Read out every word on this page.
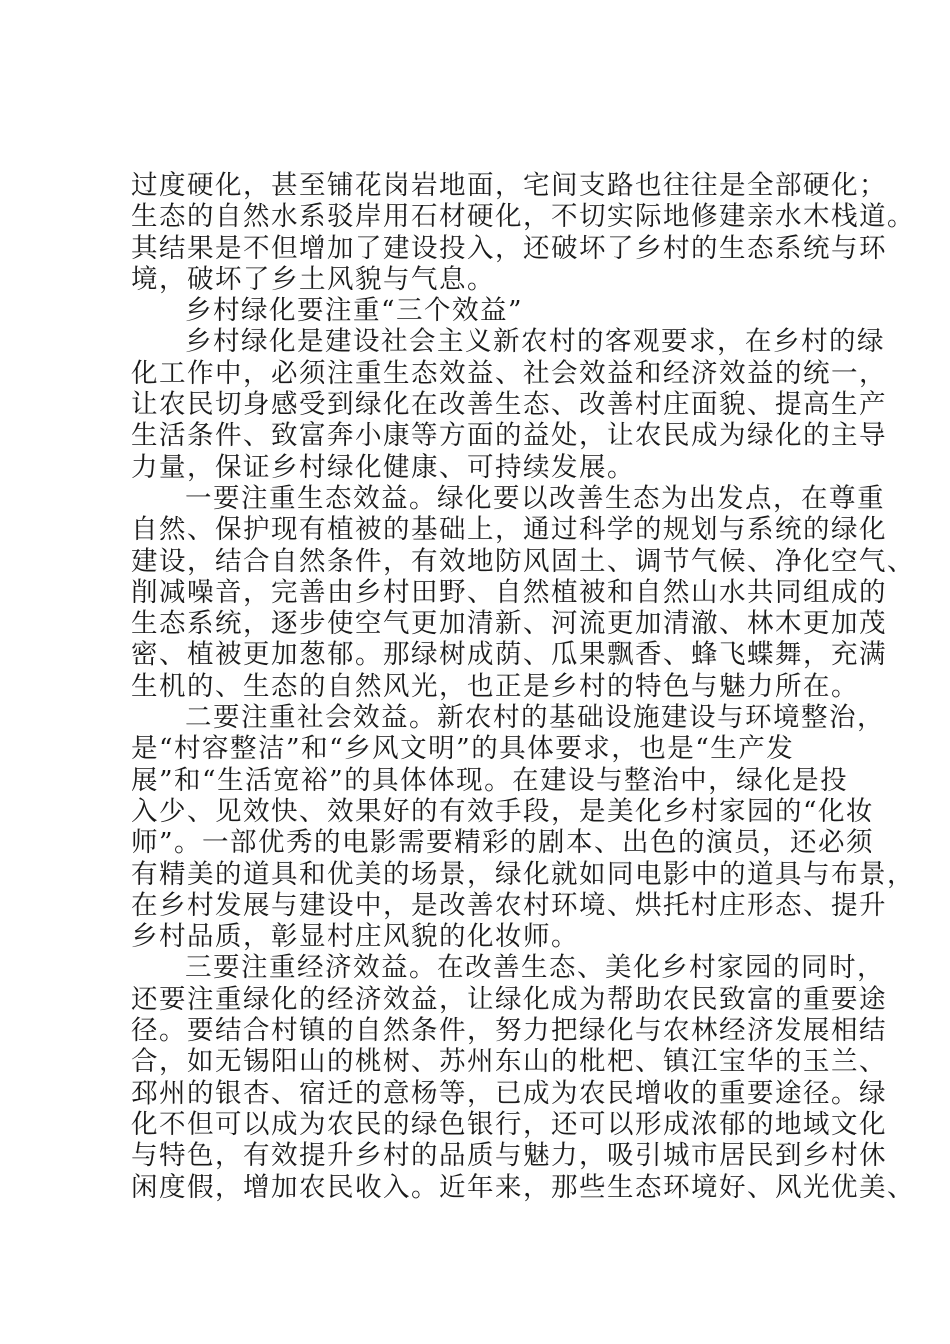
过度硬化，甚至铺花岗岩地面，宅间支路也往往是全部硬化；
生态的自然水系驳岸用石材硬化，不切实际地修建亲水木栈道。
其结果是不但增加了建设投入，还破坏了乡村的生态系统与环
境，破坏了乡土风貌与气息。
乡村绿化要注重“三个效益”
乡村绿化是建设社会主义新农村的客观要求，在乡村的绿
化工作中，必须注重生态效益、社会效益和经济效益的统一，
让农民切身感受到绿化在改善生态、改善村庄面貌、提高生产
生活条件、致富奔小康等方面的益处，让农民成为绿化的主导
力量，保证乡村绿化健康、可持续发展。
一要注重生态效益。绿化要以改善生态为出发点，在尊重
自然、保护现有植被的基础上，通过科学的规划与系统的绿化
建设，结合自然条件，有效地防风固土、调节气候、净化空气、
削减噪音，完善由乡村田野、自然植被和自然山水共同组成的
生态系统，逐步使空气更加清新、河流更加清澈、林木更加茂
密、植被更加葱郁。那绿树成荫、瓜果飘香、蜂飞蝶舞，充满
生机的、生态的自然风光，也正是乡村的特色与魅力所在。
二要注重社会效益。新农村的基础设施建设与环境整治，
是“村容整洁”和“乡风文明”的具体要求，也是“生产发
展”和“生活宽裕”的具体体现。在建设与整治中，绿化是投
入少、见效快、效果好的有效手段，是美化乡村家园的“化妆
师”。一部优秀的电影需要精彩的剧本、出色的演员，还必须
有精美的道具和优美的场景，绿化就如同电影中的道具与布景，
在乡村发展与建设中，是改善农村环境、烘托村庄形态、提升
乡村品质，彰显村庄风貌的化妆师。
三要注重经济效益。在改善生态、美化乡村家园的同时，
还要注重绿化的经济效益，让绿化成为帮助农民致富的重要途
径。要结合村镇的自然条件，努力把绿化与农林经济发展相结
合，如无锡阳山的桃树、苏州东山的枇杷、镇江宝华的玉兰、
邳州的银杏、宿迁的意杨等，已成为农民增收的重要途径。绿
化不但可以成为农民的绿色银行，还可以形成浓郁的地域文化
与特色，有效提升乡村的品质与魅力，吸引城市居民到乡村休
闲度假，增加农民收入。近年来，那些生态环境好、风光优美、
